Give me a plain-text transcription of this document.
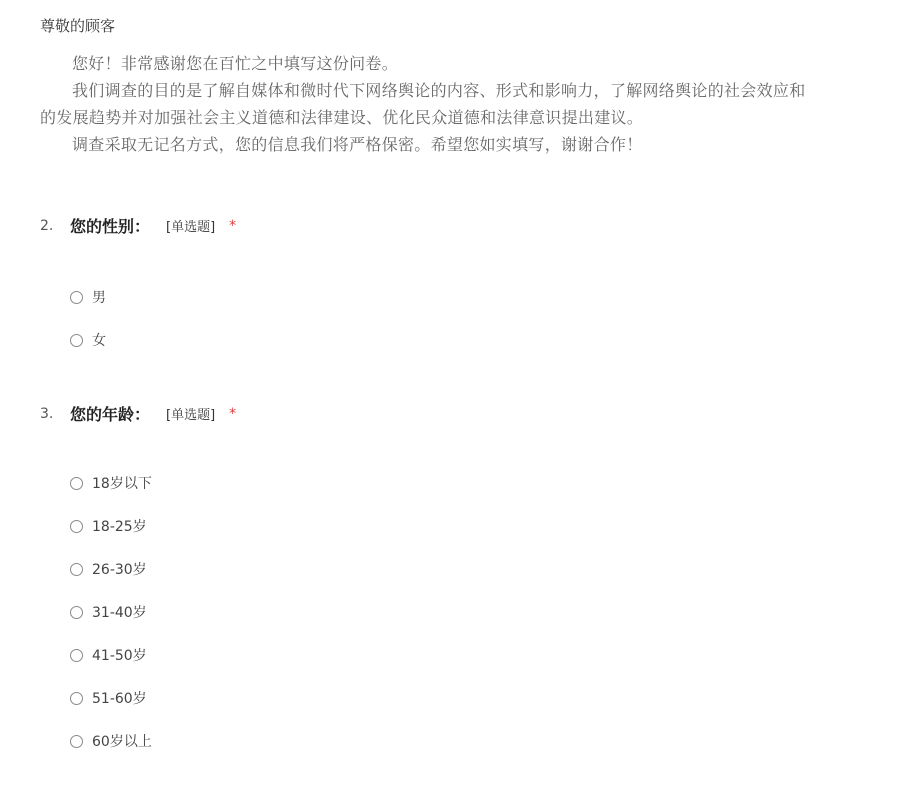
尊敬的顾客

您好！非常感谢您在百忙之中填写这份问卷。

我们调查的目的是了解自媒体和微时代下网络舆论的内容、形式和影响力，了解网络舆论的社会效应和

的发展趋势并对加强社会主义道德和法律建设、优化民众道德和法律意识提出建议。

调查采取无记名方式，您的信息我们将严格保密。希望您如实填写，谢谢合作！

2.	您的性别： [单选题] *
男
女
3.	您的年龄： [单选题] *
18岁以下
18-25岁
26-30岁
31-40岁
41-50岁
51-60岁
60岁以上
